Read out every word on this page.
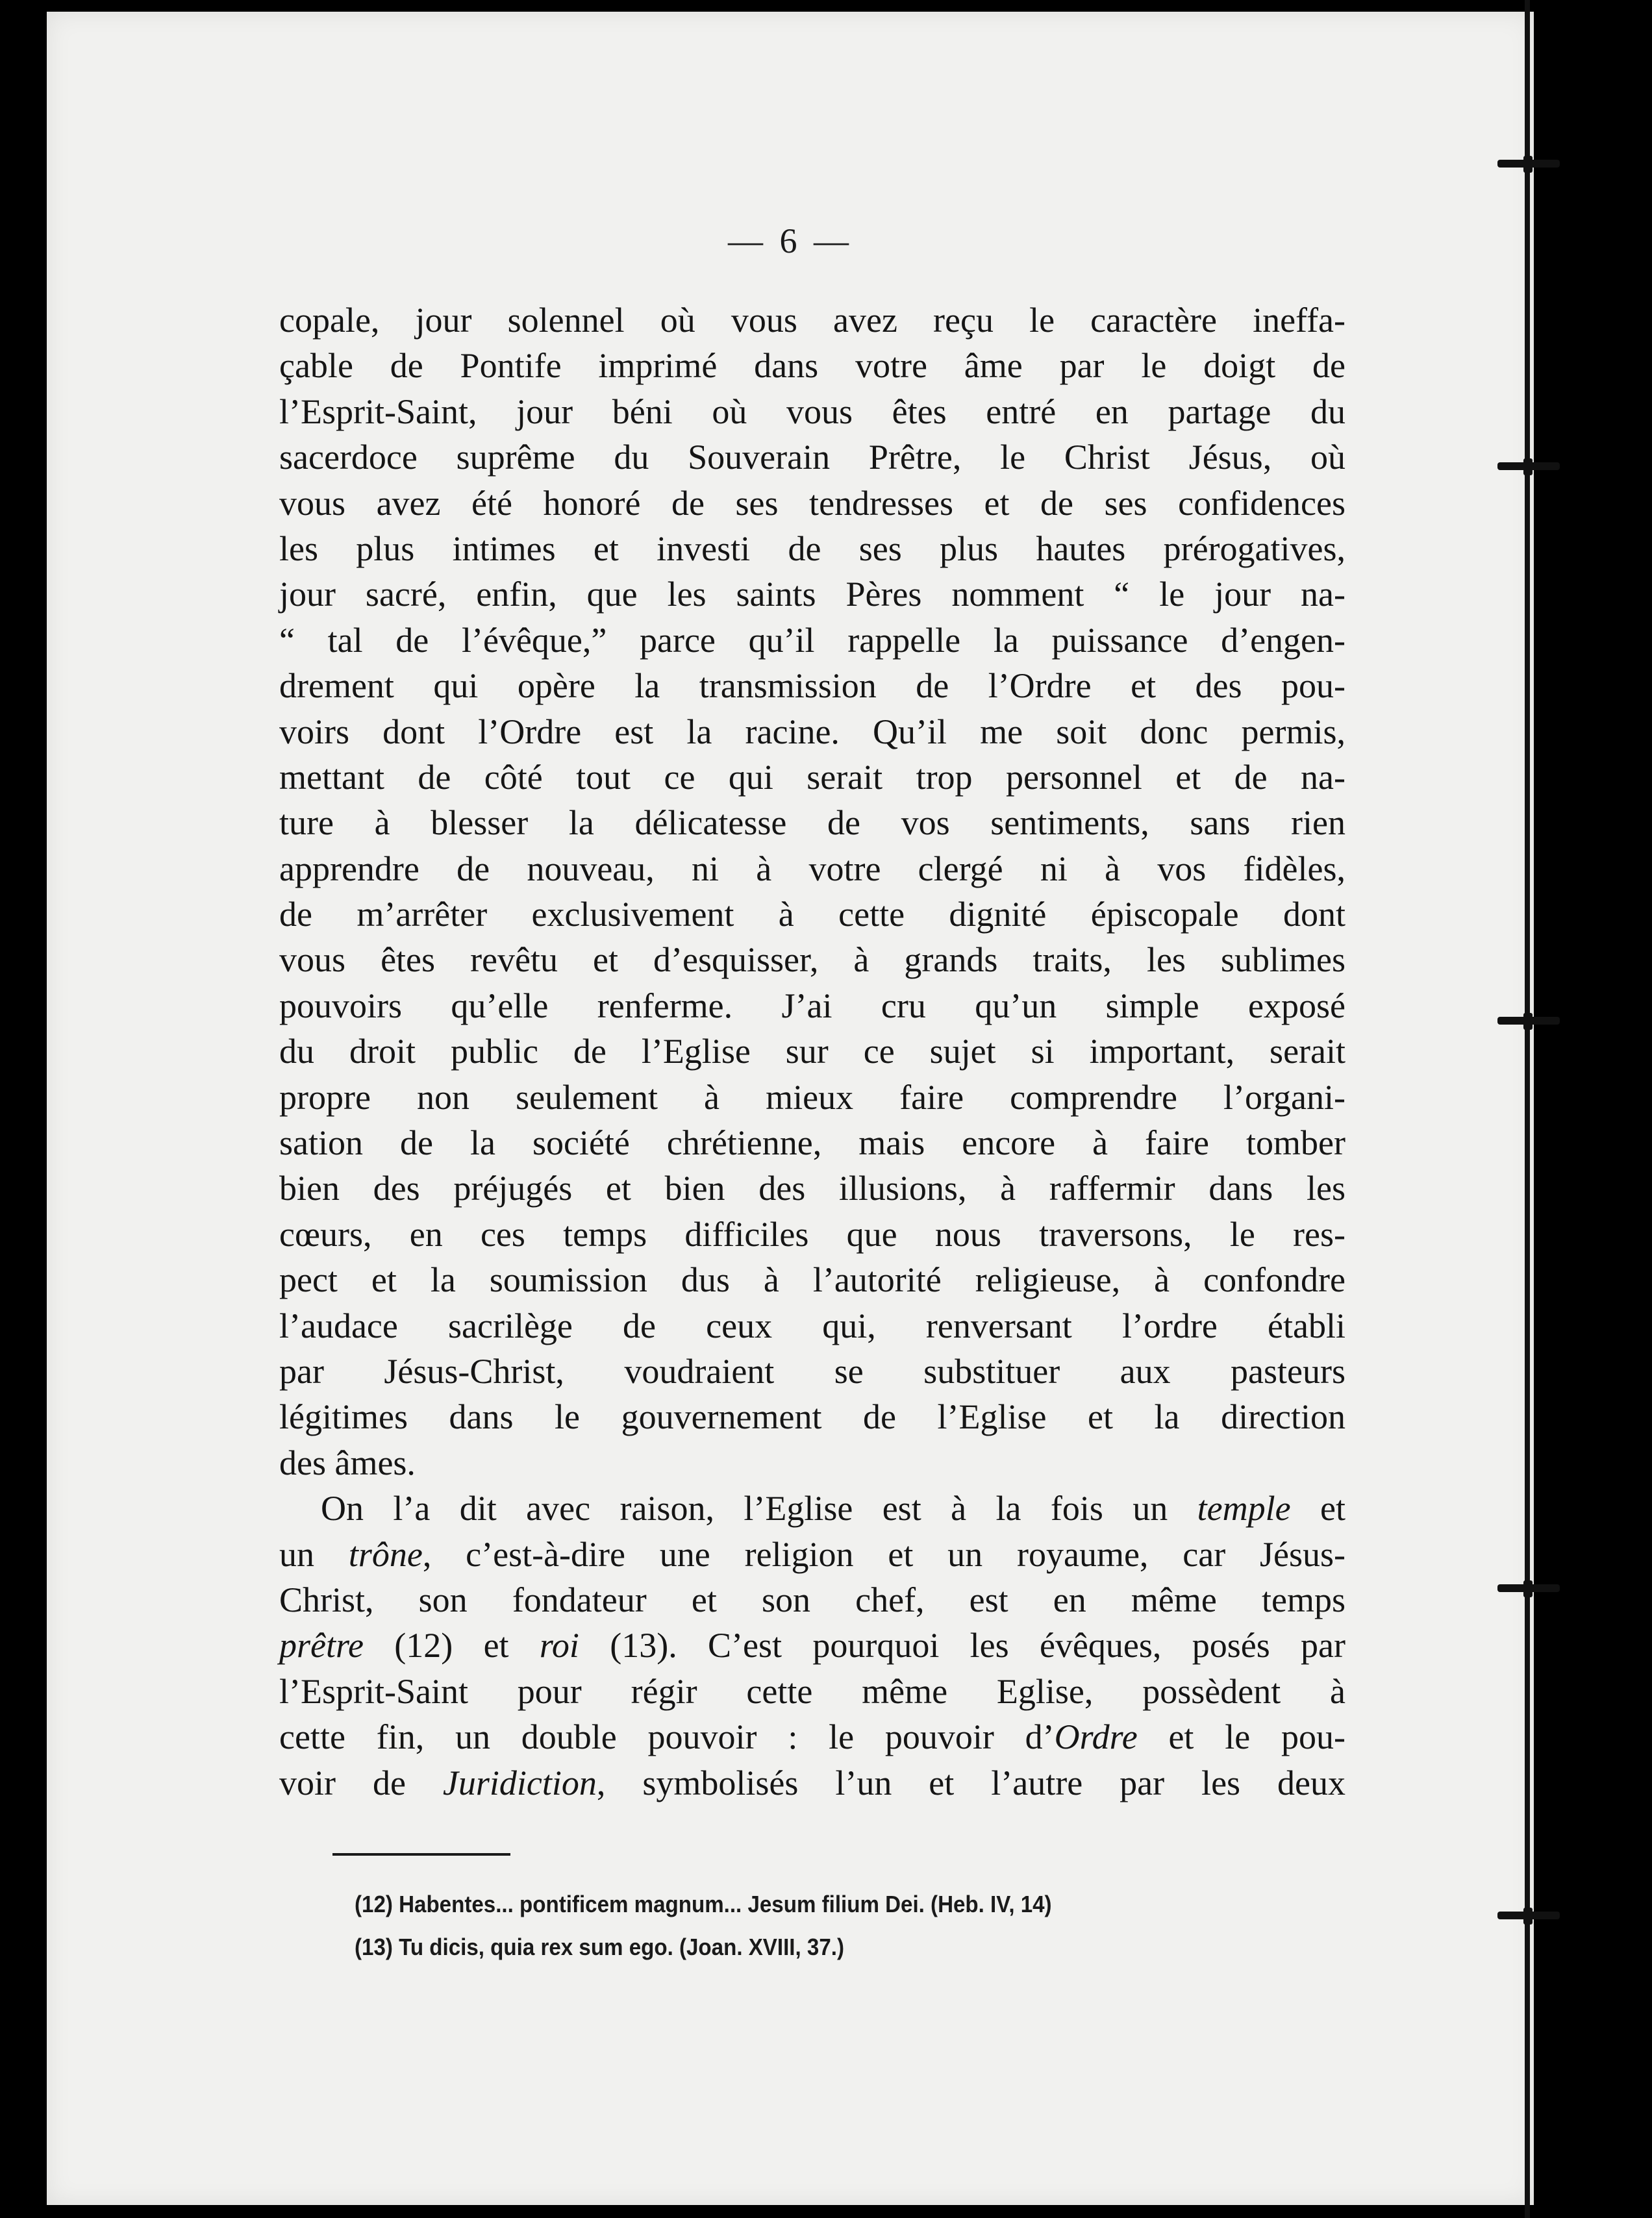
— 6 —
copale, jour solennel où vous avez reçu le caractère ineffa-
çable de Pontife imprimé dans votre âme par le doigt de
l’Esprit-Saint, jour béni où vous êtes entré en partage du
sacerdoce suprême du Souverain Prêtre, le Christ Jésus, où
vous avez été honoré de ses tendresses et de ses confidences
les plus intimes et investi de ses plus hautes prérogatives,
jour sacré, enfin, que les saints Pères nomment “ le jour na-
“ tal de l’évêque,” parce qu’il rappelle la puissance d’engen-
drement qui opère la transmission de l’Ordre et des pou-
voirs dont l’Ordre est la racine. Qu’il me soit donc permis,
mettant de côté tout ce qui serait trop personnel et de na-
ture à blesser la délicatesse de vos sentiments, sans rien
apprendre de nouveau, ni à votre clergé ni à vos fidèles,
de m’arrêter exclusivement à cette dignité épiscopale dont
vous êtes revêtu et d’esquisser, à grands traits, les sublimes
pouvoirs qu’elle renferme. J’ai cru qu’un simple exposé
du droit public de l’Eglise sur ce sujet si important, serait
propre non seulement à mieux faire comprendre l’organi-
sation de la société chrétienne, mais encore à faire tomber
bien des préjugés et bien des illusions, à raffermir dans les
cœurs, en ces temps difficiles que nous traversons, le res-
pect et la soumission dus à l’autorité religieuse, à confondre
l’audace sacrilège de ceux qui, renversant l’ordre établi
par Jésus-Christ, voudraient se substituer aux pasteurs
légitimes dans le gouvernement de l’Eglise et la direction
des âmes.
On l’a dit avec raison, l’Eglise est à la fois un temple et
un trône, c’est-à-dire une religion et un royaume, car Jésus-
Christ, son fondateur et son chef, est en même temps
prêtre (12) et roi (13). C’est pourquoi les évêques, posés par
l’Esprit-Saint pour régir cette même Eglise, possèdent à
cette fin, un double pouvoir : le pouvoir d’Ordre et le pou-
voir de Juridiction, symbolisés l’un et l’autre par les deux
(12) Habentes... pontificem magnum... Jesum filium Dei. (Heb. IV, 14)
(13) Tu dicis, quia rex sum ego. (Joan. XVIII, 37.)
